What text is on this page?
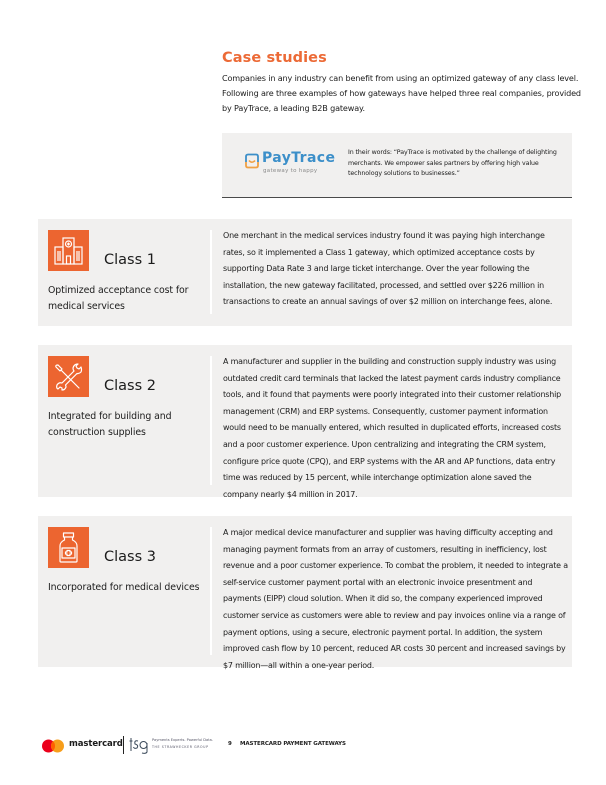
Case studies

Companies in any industry can benefit from using an optimized gateway of any class level. Following are three examples of how gateways have helped three real companies, provided by PayTrace, a leading B2B gateway.

PayTrace
gateway to happy
In their words: “PayTrace is motivated by the challenge of delighting merchants. We empower sales partners by offering high value technology solutions to businesses.”
Class 1
Optimized acceptance cost for medical services
One merchant in the medical services industry found it was paying high interchange rates, so it implemented a Class 1 gateway, which optimized acceptance costs by supporting Data Rate 3 and large ticket interchange. Over the year following the installation, the new gateway facilitated, processed, and settled over $226 million in transactions to create an annual savings of over $2 million on interchange fees, alone.
Class 2
Integrated for building and construction supplies
A manufacturer and supplier in the building and construction supply industry was using outdated credit card terminals that lacked the latest payment cards industry compliance tools, and it found that payments were poorly integrated into their customer relationship management (CRM) and ERP systems. Consequently, customer payment information would need to be manually entered, which resulted in duplicated efforts, increased costs and a poor customer experience. Upon centralizing and integrating the CRM system, configure price quote (CPQ), and ERP systems with the AR and AP functions, data entry time was reduced by 15 percent, while interchange optimization alone saved the company nearly $4 million in 2017.
Class 3
Incorporated for medical devices
A major medical device manufacturer and supplier was having difficulty accepting and managing payment formats from an array of customers, resulting in inefficiency, lost revenue and a poor customer experience. To combat the problem, it needed to integrate a self-service customer payment portal with an electronic invoice presentment and payments (EIPP) cloud solution. When it did so, the company experienced improved customer service as customers were able to review and pay invoices online via a range of payment options, using a secure, electronic payment portal. In addition, the system improved cash flow by 10 percent, reduced AR costs 30 percent and increased savings by $7 million—all within a one-year period.
mastercard	Payments Experts. Powerful Data.
THE STRAWHECKER GROUP	9 MASTERCARD PAYMENT GATEWAYS
